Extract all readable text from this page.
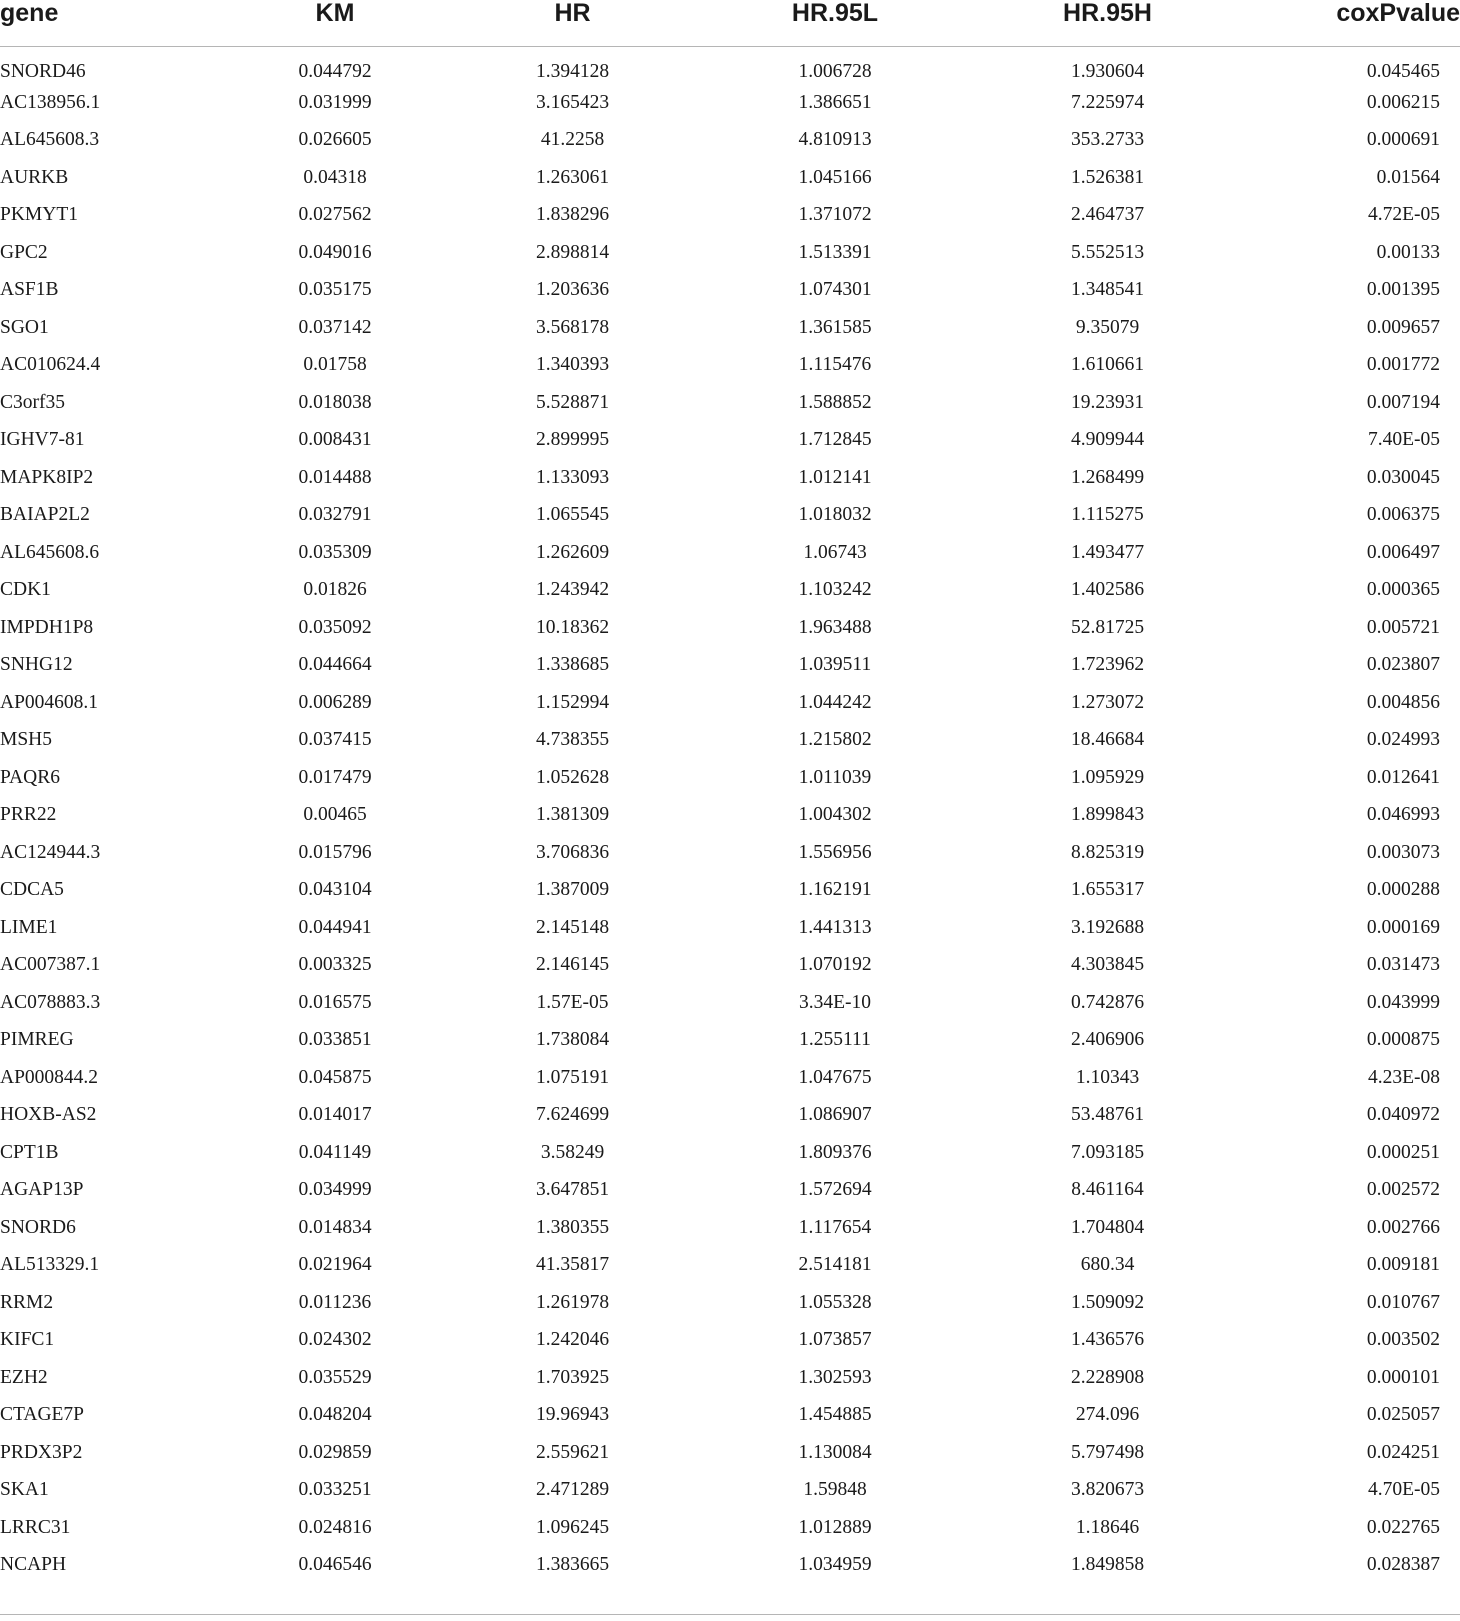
gene	KM	HR	HR.95L	HR.95H	coxPvalue
SNORD46	0.044792	1.394128	1.006728	1.930604	0.045465
AC138956.1	0.031999	3.165423	1.386651	7.225974	0.006215
AL645608.3	0.026605	41.2258	4.810913	353.2733	0.000691
AURKB	0.04318	1.263061	1.045166	1.526381	0.01564
PKMYT1	0.027562	1.838296	1.371072	2.464737	4.72E-05
GPC2	0.049016	2.898814	1.513391	5.552513	0.00133
ASF1B	0.035175	1.203636	1.074301	1.348541	0.001395
SGO1	0.037142	3.568178	1.361585	9.35079	0.009657
AC010624.4	0.01758	1.340393	1.115476	1.610661	0.001772
C3orf35	0.018038	5.528871	1.588852	19.23931	0.007194
IGHV7-81	0.008431	2.899995	1.712845	4.909944	7.40E-05
MAPK8IP2	0.014488	1.133093	1.012141	1.268499	0.030045
BAIAP2L2	0.032791	1.065545	1.018032	1.115275	0.006375
AL645608.6	0.035309	1.262609	1.06743	1.493477	0.006497
CDK1	0.01826	1.243942	1.103242	1.402586	0.000365
IMPDH1P8	0.035092	10.18362	1.963488	52.81725	0.005721
SNHG12	0.044664	1.338685	1.039511	1.723962	0.023807
AP004608.1	0.006289	1.152994	1.044242	1.273072	0.004856
MSH5	0.037415	4.738355	1.215802	18.46684	0.024993
PAQR6	0.017479	1.052628	1.011039	1.095929	0.012641
PRR22	0.00465	1.381309	1.004302	1.899843	0.046993
AC124944.3	0.015796	3.706836	1.556956	8.825319	0.003073
CDCA5	0.043104	1.387009	1.162191	1.655317	0.000288
LIME1	0.044941	2.145148	1.441313	3.192688	0.000169
AC007387.1	0.003325	2.146145	1.070192	4.303845	0.031473
AC078883.3	0.016575	1.57E-05	3.34E-10	0.742876	0.043999
PIMREG	0.033851	1.738084	1.255111	2.406906	0.000875
AP000844.2	0.045875	1.075191	1.047675	1.10343	4.23E-08
HOXB-AS2	0.014017	7.624699	1.086907	53.48761	0.040972
CPT1B	0.041149	3.58249	1.809376	7.093185	0.000251
AGAP13P	0.034999	3.647851	1.572694	8.461164	0.002572
SNORD6	0.014834	1.380355	1.117654	1.704804	0.002766
AL513329.1	0.021964	41.35817	2.514181	680.34	0.009181
RRM2	0.011236	1.261978	1.055328	1.509092	0.010767
KIFC1	0.024302	1.242046	1.073857	1.436576	0.003502
EZH2	0.035529	1.703925	1.302593	2.228908	0.000101
CTAGE7P	0.048204	19.96943	1.454885	274.096	0.025057
PRDX3P2	0.029859	2.559621	1.130084	5.797498	0.024251
SKA1	0.033251	2.471289	1.59848	3.820673	4.70E-05
LRRC31	0.024816	1.096245	1.012889	1.18646	0.022765
NCAPH	0.046546	1.383665	1.034959	1.849858	0.028387
